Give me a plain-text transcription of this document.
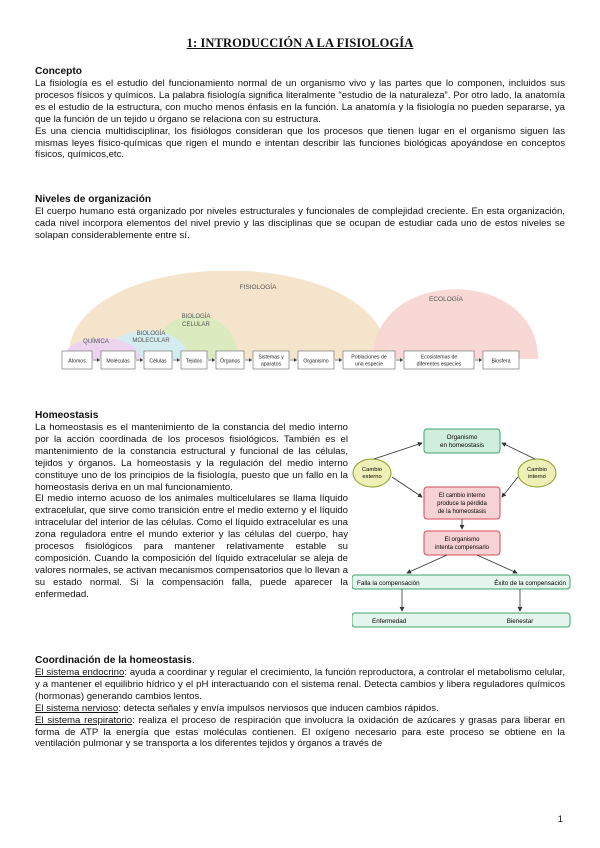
1: INTRODUCCIÓN A LA FISIOLOGÍA
Concepto
La fisiología es el estudio del funcionamiento normal de un organismo vivo y las partes que lo componen, incluidos sus procesos físicos y químicos. La palabra fisiología significa literalmente “estudio de la naturaleza”. Por otro lado, la anatomía es el estudio de la estructura, con mucho menos énfasis en la función. La anatomía y la fisiología no pueden separarse, ya que la función de un tejido u órgano se relaciona con su estructura.
Es una ciencia multidisciplinar, los fisiólogos consideran que los procesos que tienen lugar en el organismo siguen las mismas leyes físico-químicas que rigen el mundo e intentan describir las funciones biológicas apoyándose en conceptos físicos, químicos,etc.
Niveles de organización
El cuerpo humano está organizado por niveles estructurales y funcionales de complejidad creciente. En esta organización, cada nivel incorpora elementos del nivel previo y las disciplinas que se ocupan de estudiar cada uno de estos niveles se solapan considerablemente entre sí.
FISIOLOGÍA
ECOLOGÍA
BIOLOGÍA
CELULAR
BIOLOGÍA
MOLECULAR
QUÍMICA
Átomos	Moléculas	Células	Tejidos	Órganos
Sistemas y
aparatos	Organismo
Poblaciones de
una especie
Ecosistemas de
diferentes especies	Biosfera
Homeostasis
La homeostasis es el mantenimiento de la constancia del medio interno por la acción coordinada de los procesos fisiológicos. También es el mantenimiento de la constancia estructural y funcional de las células, tejidos y órganos. La homeostasis y la regulación del medio interno constituye uno de los principios de la fisiología, puesto que un fallo en la homeostasis deriva en un mal funcionamiento.
El medio interno acuoso de los animales multicelulares se llama líquido extracelular, que sirve como transición entre el medio externo y el líquido intracelular del interior de las células. Como el líquido extracelular es una zona reguladora entre el mundo exterior y las células del cuerpo, hay procesos fisiológicos para mantener relativamente estable su composición. Cuando la composición del líquido extracelular se aleja de valores normales, se activan mecanismos compensatorios que lo llevan a su estado normal. Si la compensación falla, puede aparecer la enfermedad.
Organismo
en homeostasis
Cambio
externo
Cambio
interno
El cambio interno
produce la pérdida
de la homeostasis
El organismo
intenta compensarlo
Falla la compensación	Éxito de la compensación
Enfermedad	Bienestar
Coordinación de la homeostasis.
El sistema endocrino: ayuda a coordinar y regular el crecimiento, la función reproductora, a controlar el metabolismo celular, y a mantener el equilibrio hídrico y el pH interactuando con el sistema renal. Detecta cambios y libera reguladores químicos (hormonas) generando cambios lentos.
El sistema nervioso: detecta señales y envía impulsos nerviosos que inducen cambios rápidos.
El sistema respiratorio: realiza el proceso de respiración que involucra la oxidación de azúcares y grasas para liberar en forma de ATP la energía que estas moléculas contienen. El oxígeno necesario para este proceso se obtiene en la ventilación pulmonar y se transporta a los diferentes tejidos y órganos a través de
1
